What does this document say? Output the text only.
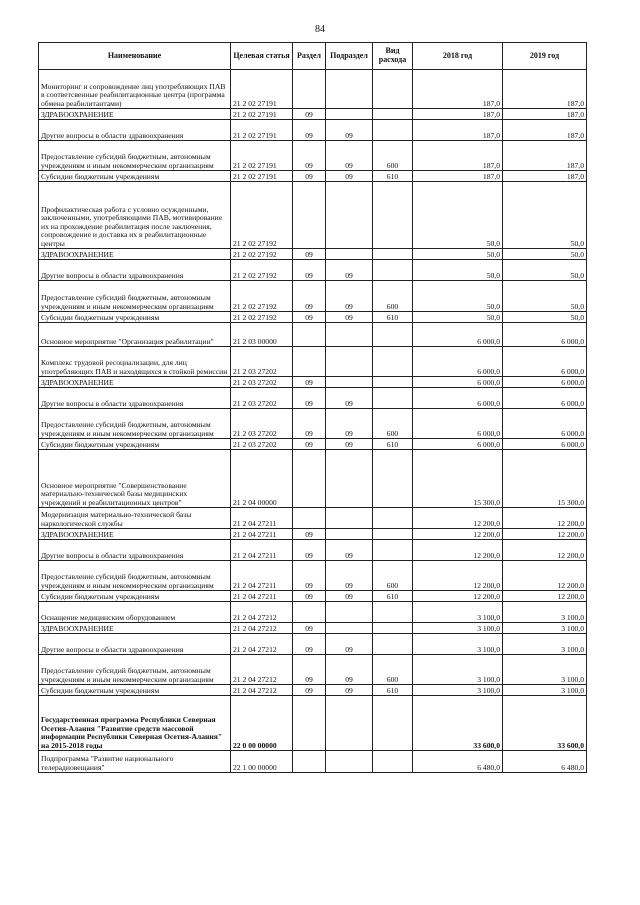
84
Наименование	Целевая статья	Раздел	Подраздел	Вид расхода	2018 год	2019 год
Мониторинг и сопровождение лиц употребляющих ПАВ в соответсвенные реабилитационные центра (программа обмена реабилитантами)	21 2 02 27191				187,0	187,0
ЗДРАВООХРАНЕНИЕ	21 2 02 27191	09			187,0	187,0
Другие вопросы в области здравоохранения	21 2 02 27191	09	09		187,0	187,0
Предоставление субсидий бюджетным, автономным учреждениям и иным некоммерческим организациям	21 2 02 27191	09	09	600	187,0	187,0
Субсидии бюджетным учреждениям	21 2 02 27191	09	09	610	187,0	187,0
Профилактическая работа с условно осужденными, заключенными, употребляющими ПАВ, мотивирование их на прохождение реабилитация после заключения, сопровождение и доставка их в реабилитационные центры	21 2 02 27192				50,0	50,0
ЗДРАВООХРАНЕНИЕ	21 2 02 27192	09			50,0	50,0
Другие вопросы в области здравоохранения	21 2 02 27192	09	09		50,0	50,0
Предоставление субсидий бюджетным, автономным учреждениям и иным некоммерческим организациям	21 2 02 27192	09	09	600	50,0	50,0
Субсидии бюджетным учреждениям	21 2 02 27192	09	09	610	50,0	50,0
Основное мероприятие "Организация реабилитации"	21 2 03 00000				6 000,0	6 000,0
Комплекс трудовой ресоциализации, для лиц употребляющих ПАВ и находящихся в стойкой ремиссии	21 2 03 27202				6 000,0	6 000,0
ЗДРАВООХРАНЕНИЕ	21 2 03 27202	09			6 000,0	6 000,0
Другие вопросы в области здравоохранения	21 2 03 27202	09	09		6 000,0	6 000,0
Предоставление субсидий бюджетным, автономным учреждениям и иным некоммерческим организациям	21 2 03 27202	09	09	600	6 000,0	6 000,0
Субсидии бюджетным учреждениям	21 2 03 27202	09	09	610	6 000,0	6 000,0
Основное мероприятие "Совершенствование материально-технической базы медицинских учреждений и реабилитационных центров"	21 2 04 00000				15 300,0	15 300,0
Модернизация материально-технической базы наркологической службы	21 2 04 27211				12 200,0	12 200,0
ЗДРАВООХРАНЕНИЕ	21 2 04 27211	09			12 200,0	12 200,0
Другие вопросы в области здравоохранения	21 2 04 27211	09	09		12 200,0	12 200,0
Предоставление субсидий бюджетным, автономным учреждениям и иным некоммерческим организациям	21 2 04 27211	09	09	600	12 200,0	12 200,0
Субсидии бюджетным учреждениям	21 2 04 27211	09	09	610	12 200,0	12 200,0
Оснащение медицинским оборудованием	21 2 04 27212				3 100,0	3 100,0
ЗДРАВООХРАНЕНИЕ	21 2 04 27212	09			3 100,0	3 100,0
Другие вопросы в области здравоохранения	21 2 04 27212	09	09		3 100,0	3 100,0
Предоставление субсидий бюджетным, автономным учреждениям и иным некоммерческим организациям	21 2 04 27212	09	09	600	3 100,0	3 100,0
Субсидии бюджетным учреждениям	21 2 04 27212	09	09	610	3 100,0	3 100,0
Государственная программа Республики Северная Осетия-Алания "Развитие средств массовой информации Республики Северная Осетия-Алания" на 2015-2018 годы	22 0 00 00000				33 600,0	33 600,0
Подпрограмма "Развитие национального телерадиовещания"	22 1 00 00000				6 480,0	6 480,0
